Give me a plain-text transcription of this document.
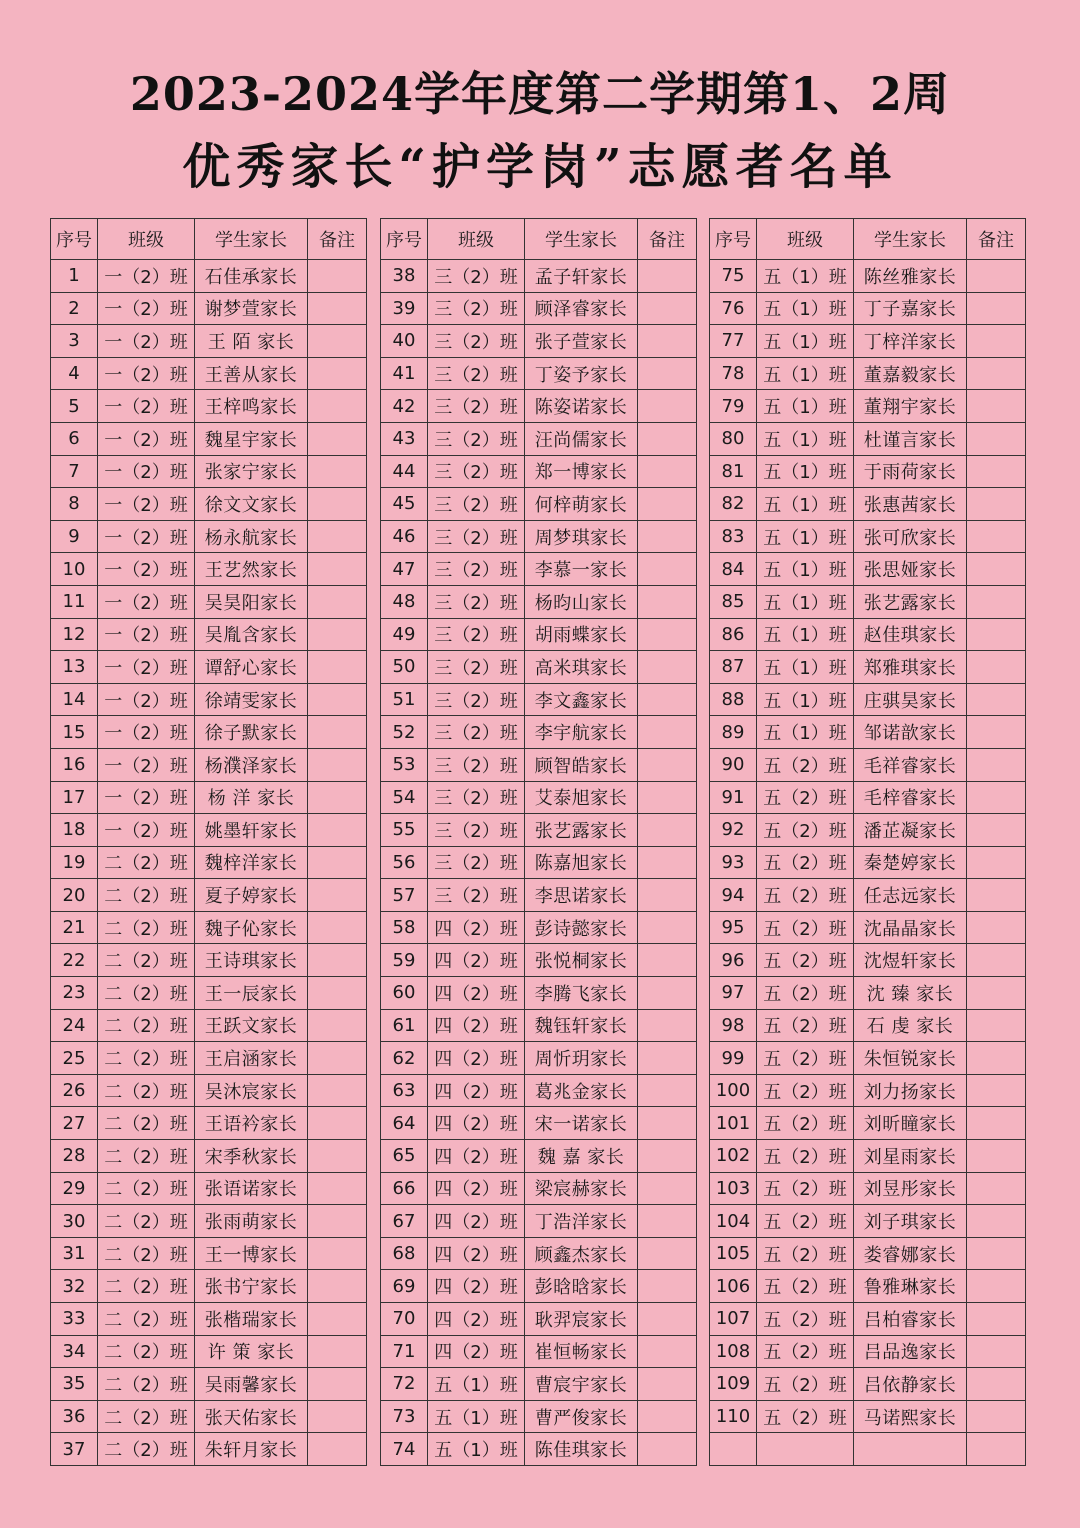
2023-2024学年度第二学期第1、2周
优秀家长“护学岗”志愿者名单
序号	班级	学生家长	备注
1	一（2）班	石佳承家长	
2	一（2）班	谢梦萱家长	
3	一（2）班	王 陌 家长	
4	一（2）班	王善从家长	
5	一（2）班	王梓鸣家长	
6	一（2）班	魏星宇家长	
7	一（2）班	张家宁家长	
8	一（2）班	徐文文家长	
9	一（2）班	杨永航家长	
10	一（2）班	王艺然家长	
11	一（2）班	吴昊阳家长	
12	一（2）班	吴胤含家长	
13	一（2）班	谭舒心家长	
14	一（2）班	徐靖雯家长	
15	一（2）班	徐子默家长	
16	一（2）班	杨濮泽家长	
17	一（2）班	杨 洋 家长	
18	一（2）班	姚墨轩家长	
19	二（2）班	魏梓洋家长	
20	二（2）班	夏子婷家长	
21	二（2）班	魏子伈家长	
22	二（2）班	王诗琪家长	
23	二（2）班	王一辰家长	
24	二（2）班	王跃文家长	
25	二（2）班	王启涵家长	
26	二（2）班	吴沐宸家长	
27	二（2）班	王语衿家长	
28	二（2）班	宋季秋家长	
29	二（2）班	张语诺家长	
30	二（2）班	张雨萌家长	
31	二（2）班	王一博家长	
32	二（2）班	张书宁家长	
33	二（2）班	张楷瑞家长	
34	二（2）班	许 策 家长	
35	二（2）班	吴雨馨家长	
36	二（2）班	张天佑家长	
37	二（2）班	朱轩月家长	
序号	班级	学生家长	备注
38	三（2）班	孟子轩家长	
39	三（2）班	顾泽睿家长	
40	三（2）班	张子萱家长	
41	三（2）班	丁姿予家长	
42	三（2）班	陈姿诺家长	
43	三（2）班	汪尚儒家长	
44	三（2）班	郑一博家长	
45	三（2）班	何梓萌家长	
46	三（2）班	周梦琪家长	
47	三（2）班	李慕一家长	
48	三（2）班	杨昀山家长	
49	三（2）班	胡雨蝶家长	
50	三（2）班	高米琪家长	
51	三（2）班	李文鑫家长	
52	三（2）班	李宇航家长	
53	三（2）班	顾智皓家长	
54	三（2）班	艾泰旭家长	
55	三（2）班	张艺露家长	
56	三（2）班	陈嘉旭家长	
57	三（2）班	李思诺家长	
58	四（2）班	彭诗懿家长	
59	四（2）班	张悦桐家长	
60	四（2）班	李腾飞家长	
61	四（2）班	魏钰轩家长	
62	四（2）班	周忻玥家长	
63	四（2）班	葛兆金家长	
64	四（2）班	宋一诺家长	
65	四（2）班	魏 嘉 家长	
66	四（2）班	梁宸赫家长	
67	四（2）班	丁浩洋家长	
68	四（2）班	顾鑫杰家长	
69	四（2）班	彭晗晗家长	
70	四（2）班	耿羿宸家长	
71	四（2）班	崔恒畅家长	
72	五（1）班	曹宸宇家长	
73	五（1）班	曹严俊家长	
74	五（1）班	陈佳琪家长	
序号	班级	学生家长	备注
75	五（1）班	陈丝雅家长	
76	五（1）班	丁子嘉家长	
77	五（1）班	丁梓洋家长	
78	五（1）班	董嘉毅家长	
79	五（1）班	董翔宇家长	
80	五（1）班	杜谨言家长	
81	五（1）班	于雨荷家长	
82	五（1）班	张惠茜家长	
83	五（1）班	张可欣家长	
84	五（1）班	张思娅家长	
85	五（1）班	张艺露家长	
86	五（1）班	赵佳琪家长	
87	五（1）班	郑雅琪家长	
88	五（1）班	庄骐昊家长	
89	五（1）班	邹诺歆家长	
90	五（2）班	毛祥睿家长	
91	五（2）班	毛梓睿家长	
92	五（2）班	潘芷凝家长	
93	五（2）班	秦楚婷家长	
94	五（2）班	任志远家长	
95	五（2）班	沈晶晶家长	
96	五（2）班	沈煜轩家长	
97	五（2）班	沈 臻 家长	
98	五（2）班	石 虔 家长	
99	五（2）班	朱恒锐家长	
100	五（2）班	刘力扬家长	
101	五（2）班	刘昕瞳家长	
102	五（2）班	刘星雨家长	
103	五（2）班	刘昱彤家长	
104	五（2）班	刘子琪家长	
105	五（2）班	娄睿娜家长	
106	五（2）班	鲁雅琳家长	
107	五（2）班	吕柏睿家长	
108	五（2）班	吕品逸家长	
109	五（2）班	吕依静家长	
110	五（2）班	马诺熙家长	
